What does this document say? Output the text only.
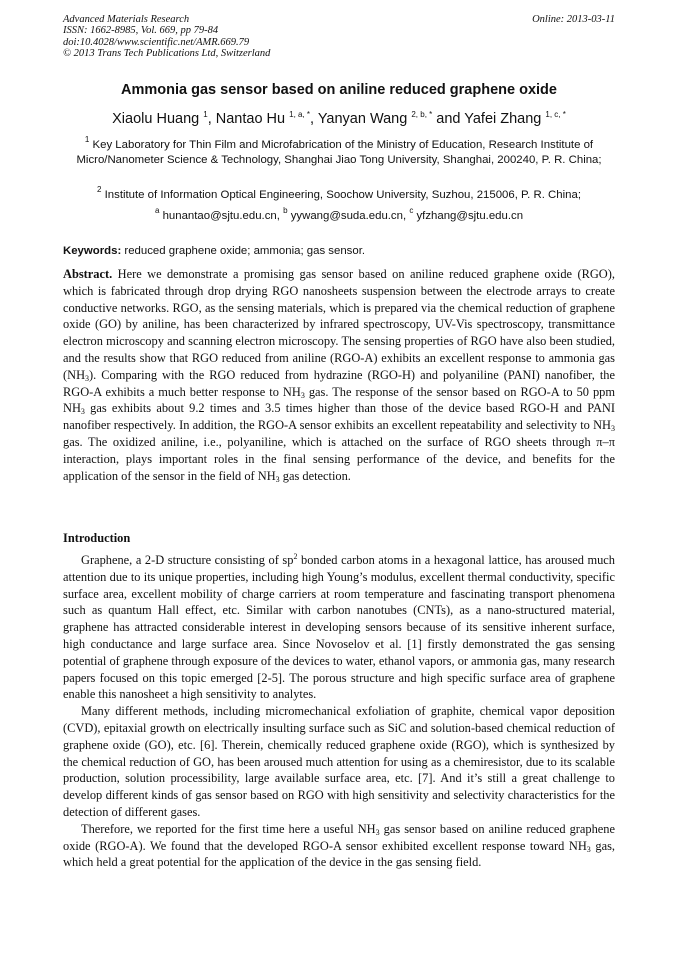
Advanced Materials Research
ISSN: 1662-8985, Vol. 669, pp 79-84
doi:10.4028/www.scientific.net/AMR.669.79
© 2013 Trans Tech Publications Ltd, Switzerland
Online: 2013-03-11
Ammonia gas sensor based on aniline reduced graphene oxide
Xiaolu Huang $^1$, Nantao Hu $^{1, a, *}$, Yanyan Wang $^{2, b, *}$ and Yafei Zhang $^{1, c, *}$
$^1$ Key Laboratory for Thin Film and Microfabrication of the Ministry of Education, Research Institute of Micro/Nanometer Science & Technology, Shanghai Jiao Tong University, Shanghai, 200240, P. R. China;
$^2$ Institute of Information Optical Engineering, Soochow University, Suzhou, 215006, P. R. China;
$^a$ hunantao@sjtu.edu.cn, $^b$ yywang@suda.edu.cn, $^c$ yfzhang@sjtu.edu.cn
Keywords: reduced graphene oxide; ammonia; gas sensor.

Abstract. Here we demonstrate a promising gas sensor based on aniline reduced graphene oxide (RGO), which is fabricated through drop drying RGO nanosheets suspension between the electrode arrays to create conductive networks. RGO, as the sensing materials, which is prepared via the chemical reduction of graphene oxide (GO) by aniline, has been characterized by infrared spectroscopy, UV-Vis spectroscopy, transmittance electron microscopy and scanning electron microscopy. The sensing properties of RGO have also been studied, and the results show that RGO reduced from aniline (RGO-A) exhibits an excellent response to ammonia gas $(NH_3)$. Comparing with the RGO reduced from hydrazine (RGO-H) and polyaniline (PANI) nanofiber, the RGO-A exhibits a much better response to $NH_3$ gas. The response of the sensor based on RGO-A to 50 ppm $NH_3$ gas exhibits about 9.2 times and 3.5 times higher than those of the device based RGO-H and PANI nanofiber respectively. In addition, the RGO-A sensor exhibits an excellent repeatability and selectivity to $NH_3$ gas. The oxidized aniline, i.e., polyaniline, which is attached on the surface of RGO sheets through π–π interaction, plays important roles in the final sensing performance of the device, and benefits for the application of the sensor in the field of $NH_3$ gas detection.

Introduction

Graphene, a 2-D structure consisting of $sp^2$ bonded carbon atoms in a hexagonal lattice, has aroused much attention due to its unique properties, including high Young’s modulus, excellent thermal conductivity, specific surface area, excellent mobility of charge carriers at room temperature and fascinating transport phenomena such as quantum Hall effect, etc. Similar with carbon nanotubes (CNTs), as a nano-structured material, graphene has attracted considerable interest in developing sensors because of its sensitive inherent surface, high conductance and large surface area. Since Novoselov et al. [1] firstly demonstrated the gas sensing potential of graphene through exposure of the devices to water, ethanol vapors, or ammonia gas, many research papers focused on this topic emerged [2-5]. The porous structure and high specific surface area of graphene enable this nanosheet a high sensitivity to analytes.

Many different methods, including micromechanical exfoliation of graphite, chemical vapor deposition (CVD), epitaxial growth on electrically insulting surface such as SiC and solution-based chemical reduction of graphene oxide (GO), etc. [6]. Therein, chemically reduced graphene oxide (RGO), which is synthesized by the chemical reduction of GO, has been aroused much attention for using as a chemiresistor, due to its scalable production, solution processibility, large available surface area, etc. [7]. And it’s still a great challenge to develop different kinds of gas sensor based on RGO with high sensitivity and selectivity characteristics for the detection of different gases.

Therefore, we reported for the first time here a useful $NH_3$ gas sensor based on aniline reduced graphene oxide (RGO-A). We found that the developed RGO-A sensor exhibited excellent response toward $NH_3$ gas, which held a great potential for the application of the device in the gas sensing field.
